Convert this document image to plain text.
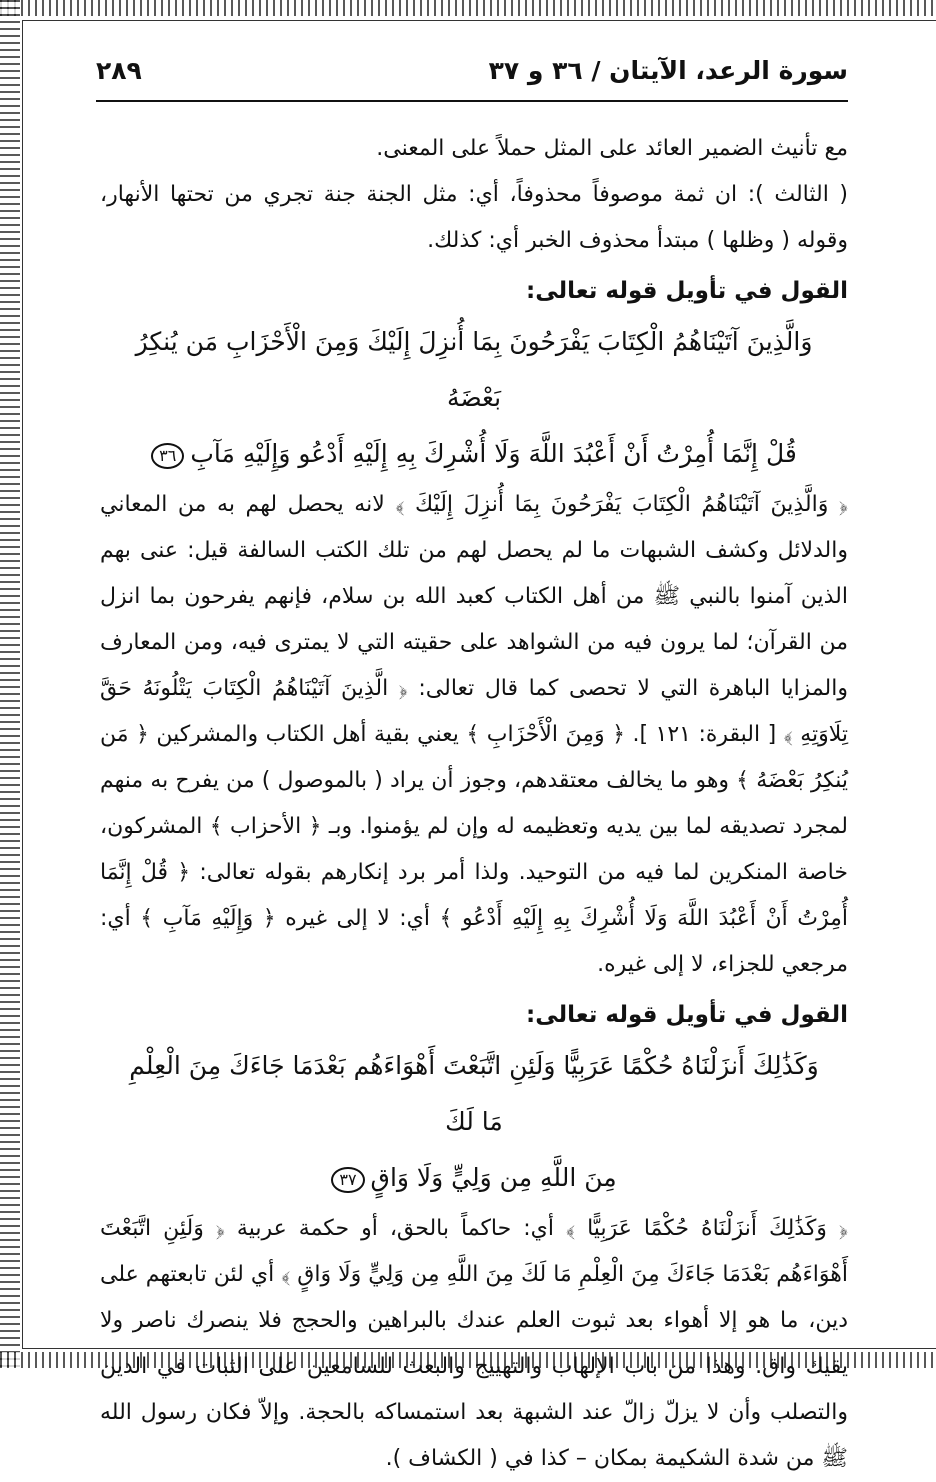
سورة الرعد، الآيتان / ٣٦ و ٣٧
٢٨٩

مع تأنيث الضمير العائد على المثل حملاً على المعنى.

( الثالث ): ان ثمة موصوفاً محذوفاً، أي: مثل الجنة جنة تجري من تحتها الأنهار، وقوله ( وظلها ) مبتدأ محذوف الخبر أي: كذلك.

القول في تأويل قوله تعالى:

وَالَّذِينَ آتَيْنَاهُمُ الْكِتَابَ يَفْرَحُونَ بِمَا أُنزِلَ إِلَيْكَ وَمِنَ الْأَحْزَابِ مَن يُنكِرُ بَعْضَهُ

قُلْ إِنَّمَا أُمِرْتُ أَنْ أَعْبُدَ اللَّهَ وَلَا أُشْرِكَ بِهِ إِلَيْهِ أَدْعُو وَإِلَيْهِ مَآبِ٣٦

﴿ وَالَّذِينَ آتَيْنَاهُمُ الْكِتَابَ يَفْرَحُونَ بِمَا أُنزِلَ إِلَيْكَ ﴾ لانه يحصل لهم به من المعاني والدلائل وكشف الشبهات ما لم يحصل لهم من تلك الكتب السالفة قيل: عنى بهم الذين آمنوا بالنبي ﷺ من أهل الكتاب كعبد الله بن سلام، فإنهم يفرحون بما انزل من القرآن؛ لما يرون فيه من الشواهد على حقيته التي لا يمترى فيه، ومن المعارف والمزايا الباهرة التي لا تحصى كما قال تعالى: ﴿ الَّذِينَ آتَيْنَاهُمُ الْكِتَابَ يَتْلُونَهُ حَقَّ تِلَاوَتِهِ ﴾ [ البقرة: ١٢١ ]. ﴿ وَمِنَ الْأَحْزَابِ ﴾ يعني بقية أهل الكتاب والمشركين ﴿ مَن يُنكِرُ بَعْضَهُ ﴾ وهو ما يخالف معتقدهم، وجوز أن يراد ( بالموصول ) من يفرح به منهم لمجرد تصديقه لما بين يديه وتعظيمه له وإن لم يؤمنوا. وبـ ﴿ الأحزاب ﴾ المشركون، خاصة المنكرين لما فيه من التوحيد. ولذا أمر برد إنكارهم بقوله تعالى: ﴿ قُلْ إِنَّمَا أُمِرْتُ أَنْ أَعْبُدَ اللَّهَ وَلَا أُشْرِكَ بِهِ إِلَيْهِ أَدْعُو ﴾ أي: لا إلى غيره ﴿ وَإِلَيْهِ مَآبِ ﴾ أي: مرجعي للجزاء، لا إلى غيره.

القول في تأويل قوله تعالى:

وَكَذَٰلِكَ أَنزَلْنَاهُ حُكْمًا عَرَبِيًّا وَلَئِنِ اتَّبَعْتَ أَهْوَاءَهُم بَعْدَمَا جَاءَكَ مِنَ الْعِلْمِ مَا لَكَ

مِنَ اللَّهِ مِن وَلِيٍّ وَلَا وَاقٍ٣٧

﴿ وَكَذَٰلِكَ أَنزَلْنَاهُ حُكْمًا عَرَبِيًّا ﴾ أي: حاكماً بالحق، أو حكمة عربية ﴿ وَلَئِنِ اتَّبَعْتَ أَهْوَاءَهُم بَعْدَمَا جَاءَكَ مِنَ الْعِلْمِ مَا لَكَ مِنَ اللَّهِ مِن وَلِيٍّ وَلَا وَاقٍ ﴾ أي لئن تابعتهم على دين، ما هو إلا أهواء بعد ثبوت العلم عندك بالبراهين والحجج فلا ينصرك ناصر ولا يقيك واق. وهذا من باب الإلهاب والتهييج والبعث للسامعين على الثبات في الدين والتصلب وأن لا يزلّ زالّ عند الشبهة بعد استمساكه بالحجة. وإلاّ فكان رسول الله ﷺ من شدة الشكيمة بمكان – كذا في ( الكشاف ).
